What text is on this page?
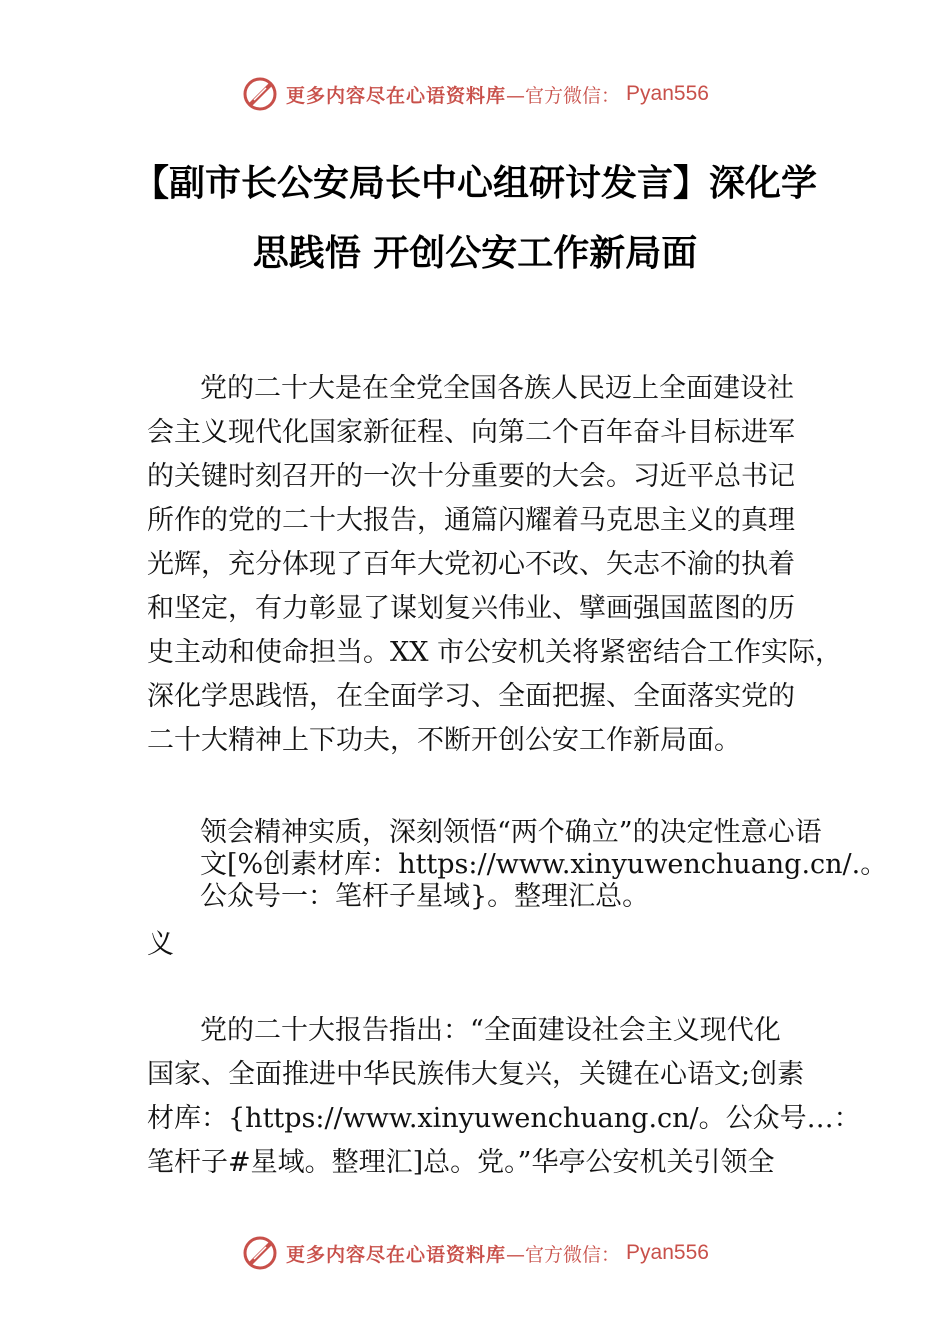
更多内容尽在心语资料库 —官方微信： Pyan556
【副市长公安局长中心组研讨发言】深化学
思践悟 开创公安工作新局面
党的二十大是在全党全国各族人民迈上全面建设社
会主义现代化国家新征程、向第二个百年奋斗目标进军
的关键时刻召开的一次十分重要的大会。习近平总书记
所作的党的二十大报告，通篇闪耀着马克思主义的真理
光辉，充分体现了百年大党初心不改、矢志不渝的执着
和坚定，有力彰显了谋划复兴伟业、擘画强国蓝图的历
史主动和使命担当。XX 市公安机关将紧密结合工作实际，
深化学思践悟，在全面学习、全面把握、全面落实党的
二十大精神上下功夫，不断开创公安工作新局面。
领会精神实质，深刻领悟“两个确立”的决定性意心语
文[%创素材库：https://www.xinyuwenchuang.cn/.。
公众号一：笔杆子星域}。整理汇总。
义
党的二十大报告指出：“全面建设社会主义现代化
国家、全面推进中华民族伟大复兴，关键在心语文;创素
材库：{https://www.xinyuwenchuang.cn/。公众号…：
笔杆子#星域。整理汇]总。党。”华亭公安机关引领全
更多内容尽在心语资料库 —官方微信： Pyan556
